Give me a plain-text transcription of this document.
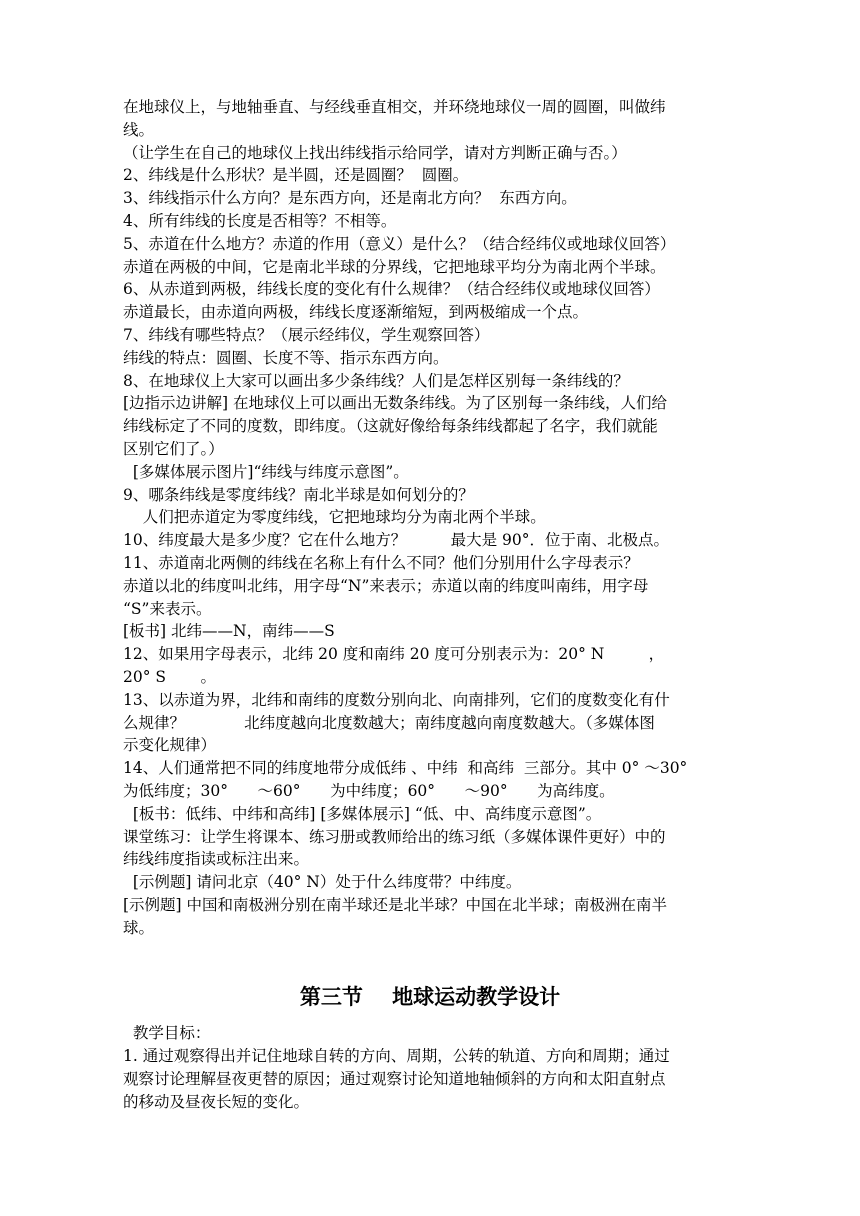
在地球仪上，与地轴垂直、与经线垂直相交，并环绕地球仪一周的圆圈，叫做纬
线。
（让学生在自己的地球仪上找出纬线指示给同学，请对方判断正确与否。）
2、纬线是什么形状？是半圆，还是圆圈？  圆圈。
3、纬线指示什么方向？是东西方向，还是南北方向？  东西方向。
4、所有纬线的长度是否相等？不相等。
5、赤道在什么地方？赤道的作用（意义）是什么？（结合经纬仪或地球仪回答）
赤道在两极的中间，它是南北半球的分界线，它把地球平均分为南北两个半球。
6、从赤道到两极，纬线长度的变化有什么规律？（结合经纬仪或地球仪回答）
赤道最长，由赤道向两极，纬线长度逐渐缩短，到两极缩成一个点。
7、纬线有哪些特点？（展示经纬仪，学生观察回答）
纬线的特点：圆圈、长度不等、指示东西方向。
8、在地球仪上大家可以画出多少条纬线？人们是怎样区别每一条纬线的？
[边指示边讲解] 在地球仪上可以画出无数条纬线。为了区别每一条纬线，人们给
纬线标定了不同的度数，即纬度。（这就好像给每条纬线都起了名字，我们就能
区别它们了。）
[多媒体展示图片]“纬线与纬度示意图”。
9、哪条纬线是零度纬线？南北半球是如何划分的？
人们把赤道定为零度纬线，它把地球均分为南北两个半球。
10、纬度最大是多少度？它在什么地方？         最大是 90°．位于南、北极点。
11、赤道南北两侧的纬线在名称上有什么不同？他们分别用什么字母表示？
赤道以北的纬度叫北纬，用字母“N”来表示；赤道以南的纬度叫南纬，用字母
“S”来表示。
[板书] 北纬——N，南纬——S
12、如果用字母表示，北纬 20 度和南纬 20 度可分别表示为：20° N         ，
20° S       。
13、以赤道为界，北纬和南纬的度数分别向北、向南排列，它们的度数变化有什
么规律？            北纬度越向北度数越大；南纬度越向南度数越大。（多媒体图
示变化规律）
14、人们通常把不同的纬度地带分成低纬 、中纬  和高纬  三部分。其中 0° ～30°
为低纬度；30°      ～60°      为中纬度；60°      ～90°      为高纬度。
[板书：低纬、中纬和高纬] [多媒体展示] “低、中、高纬度示意图”。
课堂练习：让学生将课本、练习册或教师给出的练习纸（多媒体课件更好）中的
纬线纬度指读或标注出来。
[示例题] 请问北京（40° N）处于什么纬度带？中纬度。
[示例题] 中国和南极洲分别在南半球还是北半球？中国在北半球；南极洲在南半
球。
第三节    地球运动教学设计
教学目标：
1. 通过观察得出并记住地球自转的方向、周期，公转的轨道、方向和周期；通过
观察讨论理解昼夜更替的原因；通过观察讨论知道地轴倾斜的方向和太阳直射点
的移动及昼夜长短的变化。
